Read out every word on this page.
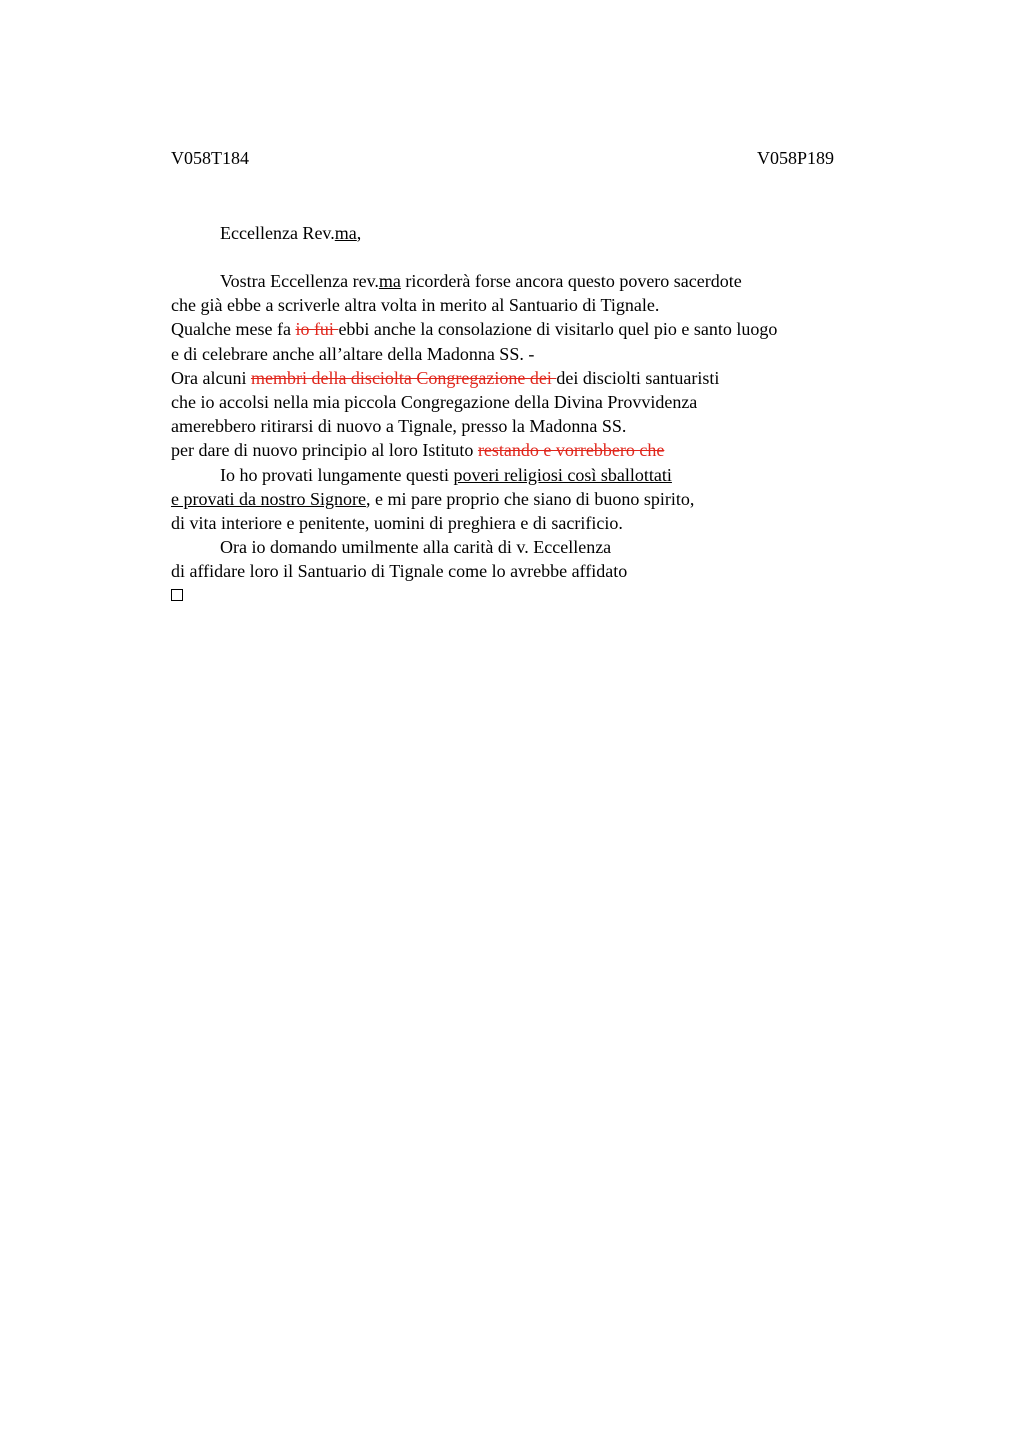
V058T184	V058P189
Eccellenza Rev.ma,
Vostra Eccellenza rev.ma ricorderà forse ancora questo povero sacerdote
che già ebbe a scriverle altra volta in merito al Santuario di Tignale.
Qualche mese fa io fui ebbi anche la consolazione di visitarlo quel pio e santo luogo
e di celebrare anche all’altare della Madonna SS. -
Ora alcuni membri della disciolta Congregazione dei dei disciolti santuaristi
che io accolsi nella mia piccola Congregazione della Divina Provvidenza
amerebbero ritirarsi di nuovo a Tignale, presso la Madonna SS.
per dare di nuovo principio al loro Istituto restando e vorrebbero che
Io ho provati lungamente questi poveri religiosi così sballottati
e provati da nostro Signore, e mi pare proprio che siano di buono spirito,
di vita interiore e penitente, uomini di preghiera e di sacrificio.
Ora io domando umilmente alla carità di v. Eccellenza
di affidare loro il Santuario di Tignale come lo avrebbe affidato
